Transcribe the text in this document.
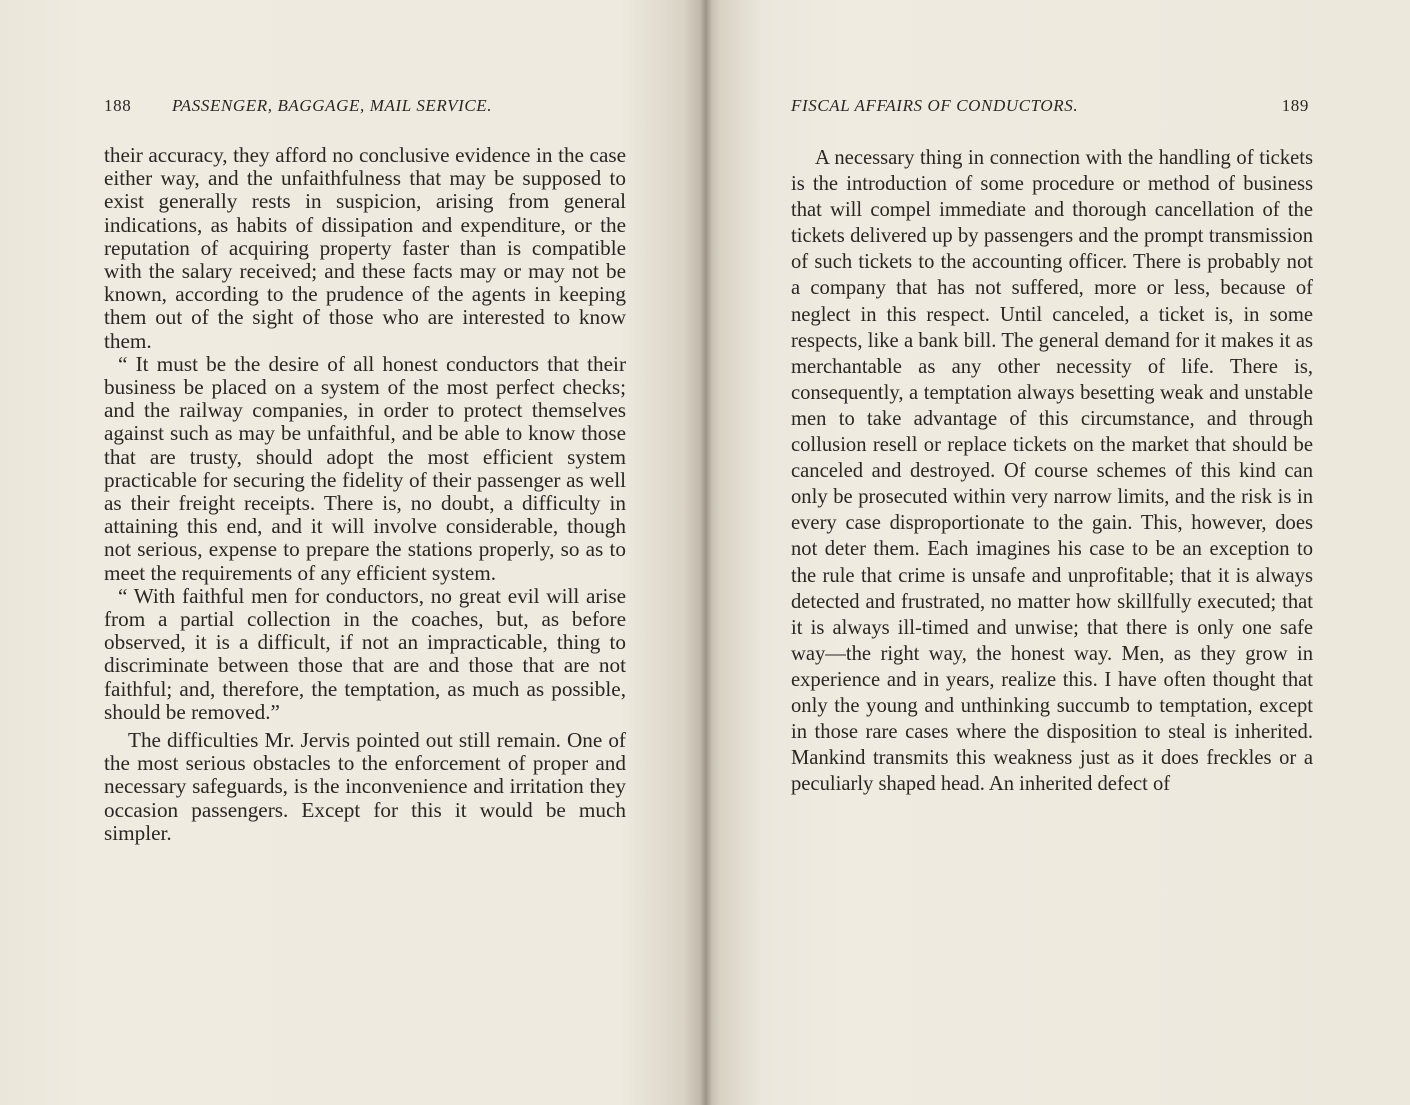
188 PASSENGER, BAGGAGE, MAIL SERVICE.

their accuracy, they afford no conclusive evidence in the case either way, and the unfaithfulness that may be supposed to exist generally rests in suspicion, arising from general indications, as habits of dissipation and expenditure, or the reputation of acquiring property faster than is compatible with the salary received; and these facts may or may not be known, according to the prudence of the agents in keeping them out of the sight of those who are interested to know them.

“ It must be the desire of all honest conductors that their business be placed on a system of the most perfect checks; and the railway companies, in order to protect themselves against such as may be unfaithful, and be able to know those that are trusty, should adopt the most efficient system practicable for securing the fidelity of their passenger as well as their freight receipts. There is, no doubt, a difficulty in attaining this end, and it will involve considerable, though not serious, expense to prepare the stations properly, so as to meet the requirements of any efficient system.

“ With faithful men for conductors, no great evil will arise from a partial collection in the coaches, but, as before observed, it is a difficult, if not an impracticable, thing to discriminate between those that are and those that are not faithful; and, therefore, the temptation, as much as possible, should be removed.”

The difficulties Mr. Jervis pointed out still remain. One of the most serious obstacles to the enforcement of proper and necessary safeguards, is the inconvenience and irritation they occasion passengers. Except for this it would be much simpler.

FISCAL AFFAIRS OF CONDUCTORS.	189

A necessary thing in connection with the handling of tickets is the introduction of some procedure or method of business that will compel immediate and thorough cancellation of the tickets delivered up by passengers and the prompt transmission of such tickets to the accounting officer. There is probably not a company that has not suffered, more or less, because of neglect in this respect. Until canceled, a ticket is, in some respects, like a bank bill. The general demand for it makes it as merchantable as any other necessity of life. There is, consequently, a temptation always besetting weak and unstable men to take advantage of this circumstance, and through collusion resell or replace tickets on the market that should be canceled and destroyed. Of course schemes of this kind can only be prosecuted within very narrow limits, and the risk is in every case disproportionate to the gain. This, however, does not deter them. Each imagines his case to be an exception to the rule that crime is unsafe and unprofitable; that it is always detected and frustrated, no matter how skillfully executed; that it is always ill-timed and unwise; that there is only one safe way—the right way, the honest way. Men, as they grow in experience and in years, realize this. I have often thought that only the young and unthinking succumb to temptation, except in those rare cases where the disposition to steal is inherited. Mankind transmits this weakness just as it does freckles or a peculiarly shaped head. An inherited defect of
